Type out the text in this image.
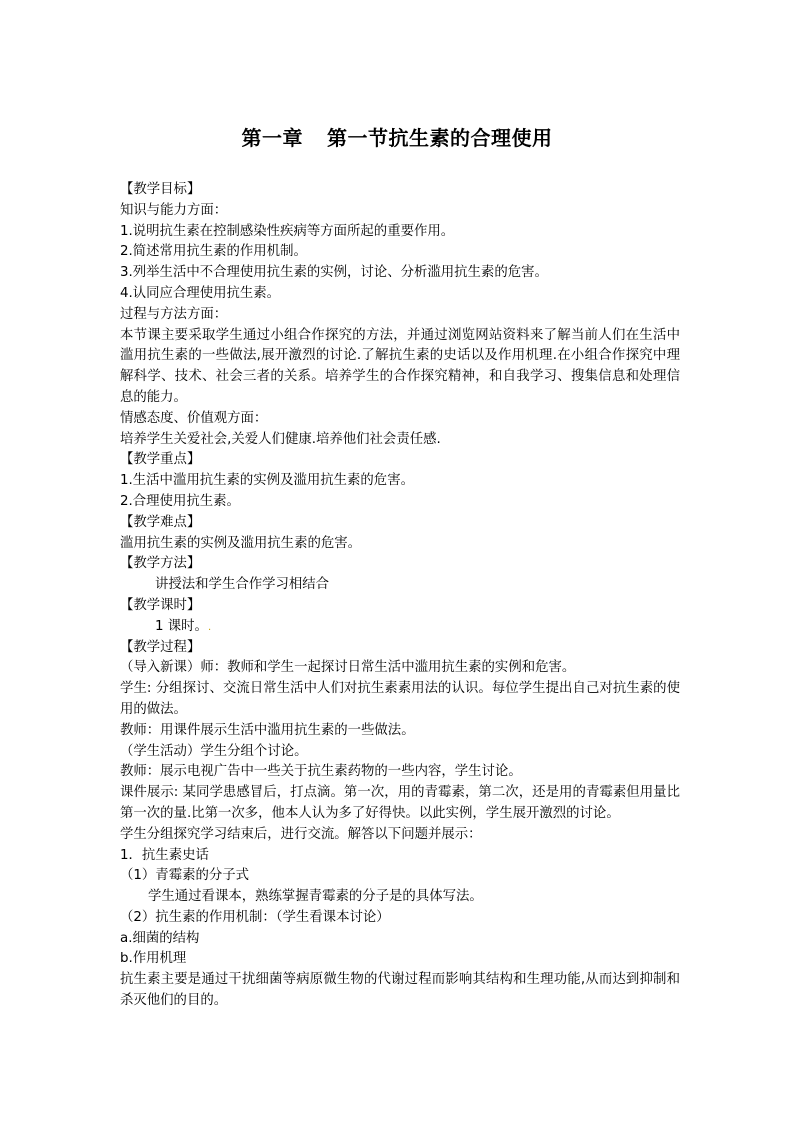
第一章 第一节抗生素的合理使用
【教学目标】
知识与能力方面：
1.说明抗生素在控制感染性疾病等方面所起的重要作用。
2.简述常用抗生素的作用机制。
3.列举生活中不合理使用抗生素的实例，讨论、分析滥用抗生素的危害。
4.认同应合理使用抗生素。
过程与方法方面：
本节课主要采取学生通过小组合作探究的方法，并通过浏览网站资料来了解当前人们在生活中滥用抗生素的一些做法,展开激烈的讨论.了解抗生素的史话以及作用机理.在小组合作探究中理解科学、技术、社会三者的关系。培养学生的合作探究精神，和自我学习、搜集信息和处理信息的能力。
情感态度、价值观方面：
培养学生关爱社会,关爱人们健康.培养他们社会责任感.
【教学重点】
1.生活中滥用抗生素的实例及滥用抗生素的危害。
2.合理使用抗生素。
【教学难点】
滥用抗生素的实例及滥用抗生素的危害。
【教学方法】
讲授法和学生合作学习相结合
【教学课时】
1 课时。.
【教学过程】
（导入新课）师：教师和学生一起探讨日常生活中滥用抗生素的实例和危害。
学生: 分组探讨、交流日常生活中人们对抗生素素用法的认识。每位学生提出自己对抗生素的使用的做法。
教师：用课件展示生活中滥用抗生素的一些做法。
（学生活动）学生分组个讨论。
教师：展示电视广告中一些关于抗生素药物的一些内容，学生讨论。
课件展示: 某同学患感冒后，打点滴。第一次，用的青霉素，第二次，还是用的青霉素但用量比第一次的量.比第一次多，他本人认为多了好得快。以此实例，学生展开激烈的讨论。
学生分组探究学习结束后，进行交流。解答以下问题并展示：
1．抗生素史话
（1）青霉素的分子式
学生通过看课本，熟练掌握青霉素的分子是的具体写法。
（2）抗生素的作用机制：（学生看课本讨论）
a.细菌的结构
b.作用机理
抗生素主要是通过干扰细菌等病原微生物的代谢过程而影响其结构和生理功能,从而达到抑制和杀灭他们的目的。
